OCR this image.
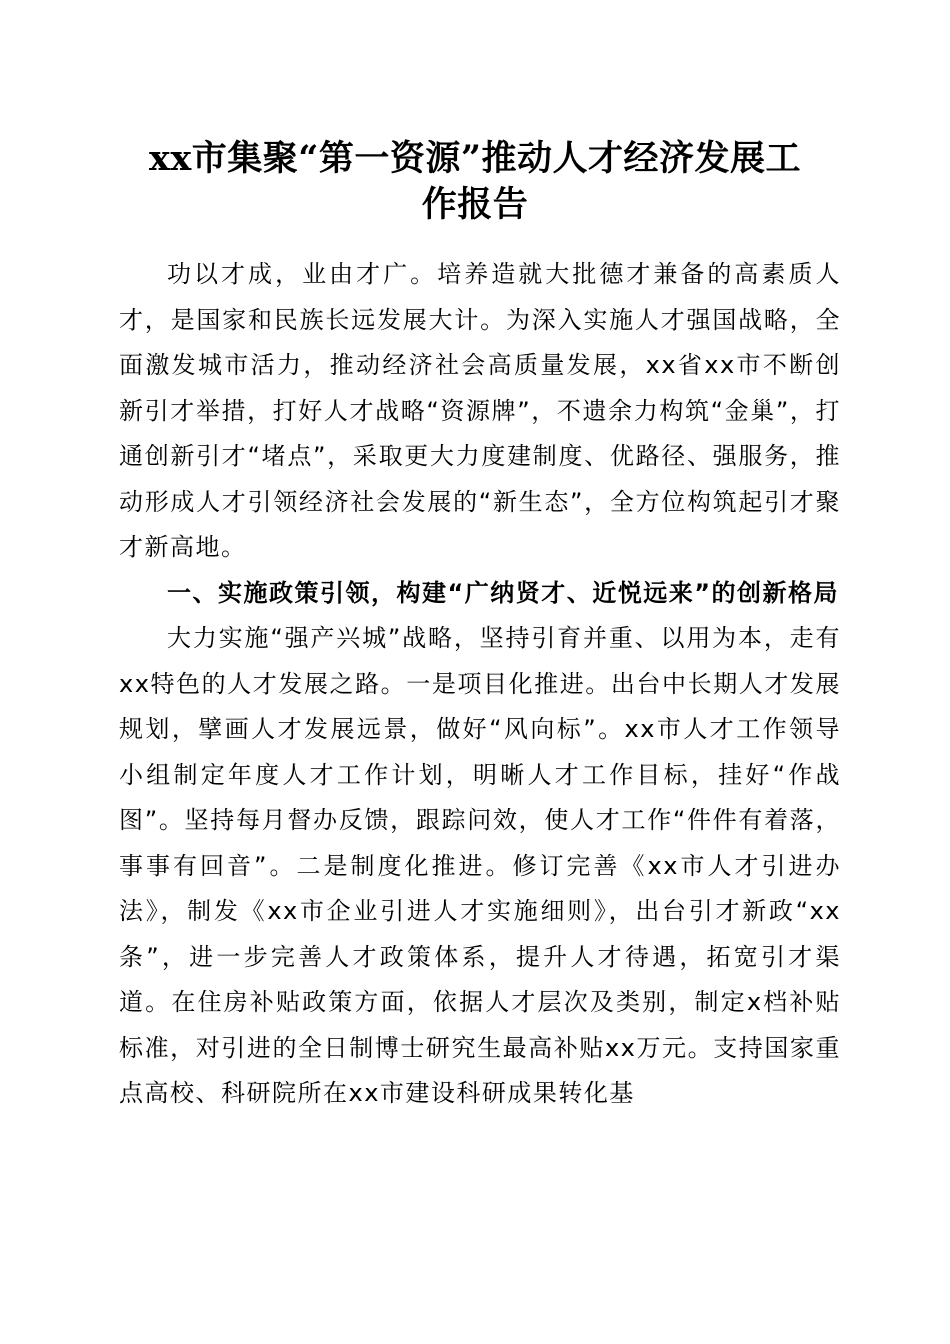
xx市集聚“第一资源”推动人才经济发展工
作报告

功以才成，业由才广。培养造就大批德才兼备的高素质人才，是国家和民族长远发展大计。为深入实施人才强国战略，全面激发城市活力，推动经济社会高质量发展，xx省xx市不断创新引才举措，打好人才战略“资源牌”，不遗余力构筑“金巢”，打通创新引才“堵点”，采取更大力度建制度、优路径、强服务，推动形成人才引领经济社会发展的“新生态”，全方位构筑起引才聚才新高地。

一、实施政策引领，构建“广纳贤才、近悦远来”的创新格局

大力实施“强产兴城”战略，坚持引育并重、以用为本，走有xx特色的人才发展之路。一是项目化推进。出台中长期人才发展规划，擘画人才发展远景，做好“风向标”。xx市人才工作领导小组制定年度人才工作计划，明晰人才工作目标，挂好“作战图”。坚持每月督办反馈，跟踪问效，使人才工作“件件有着落，事事有回音”。二是制度化推进。修订完善《xx市人才引进办法》，制发《xx市企业引进人才实施细则》，出台引才新政“xx条”，进一步完善人才政策体系，提升人才待遇，拓宽引才渠道。在住房补贴政策方面，依据人才层次及类别，制定x档补贴标准，对引进的全日制博士研究生最高补贴xx万元。支持国家重点高校、科研院所在xx市建设科研成果转化基
